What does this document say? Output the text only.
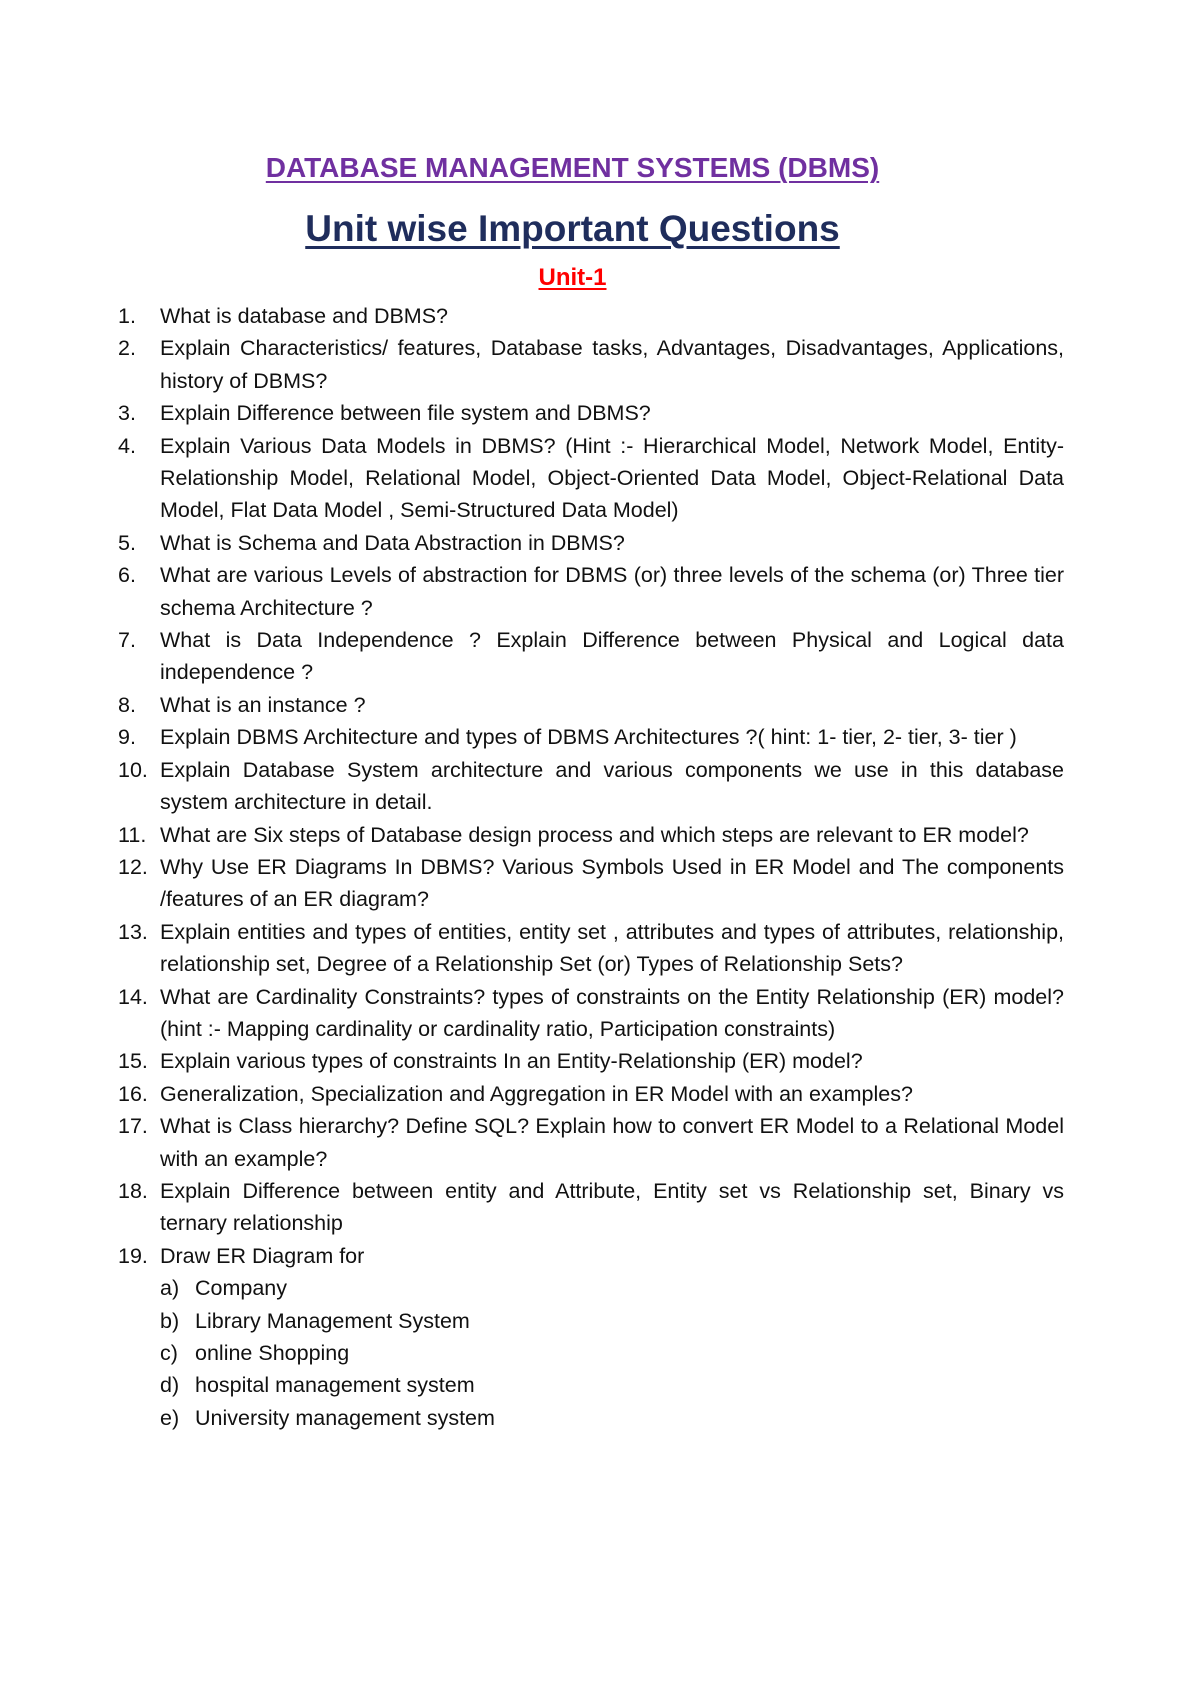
DATABASE MANAGEMENT SYSTEMS (DBMS)
Unit wise Important Questions
Unit-1
1. What is database and DBMS?
2. Explain Characteristics/ features, Database tasks, Advantages, Disadvantages, Applications, history of DBMS?
3. Explain Difference between file system and DBMS?
4. Explain Various Data Models in DBMS? (Hint :- Hierarchical Model, Network Model, Entity-Relationship Model, Relational Model, Object-Oriented Data Model, Object-Relational Data Model, Flat Data Model , Semi-Structured Data Model)
5. What is Schema and Data Abstraction in DBMS?
6. What are various Levels of abstraction for DBMS (or) three levels of the schema (or) Three tier schema Architecture ?
7. What is Data Independence ? Explain Difference between Physical and Logical data independence ?
8. What is an instance ?
9. Explain DBMS Architecture and types of DBMS Architectures ?( hint: 1- tier, 2- tier, 3- tier )
10. Explain Database System architecture and various components we use in this database system architecture in detail.
11. What are Six steps of Database design process and which steps are relevant to ER model?
12. Why Use ER Diagrams In DBMS? Various Symbols Used in ER Model and The components /features of an ER diagram?
13. Explain entities and types of entities, entity set , attributes and types of attributes, relationship, relationship set, Degree of a Relationship Set (or) Types of Relationship Sets?
14. What are Cardinality Constraints? types of constraints on the Entity Relationship (ER) model?(hint :- Mapping cardinality or cardinality ratio, Participation constraints)
15. Explain various types of constraints In an Entity-Relationship (ER) model?
16. Generalization, Specialization and Aggregation in ER Model with an examples?
17. What is Class hierarchy? Define SQL? Explain how to convert ER Model to a Relational Model with an example?
18. Explain Difference between entity and Attribute, Entity set vs Relationship set, Binary vs ternary relationship
19. Draw ER Diagram for
a) Company
b) Library Management System
c) online Shopping
d) hospital management system
e) University management system
